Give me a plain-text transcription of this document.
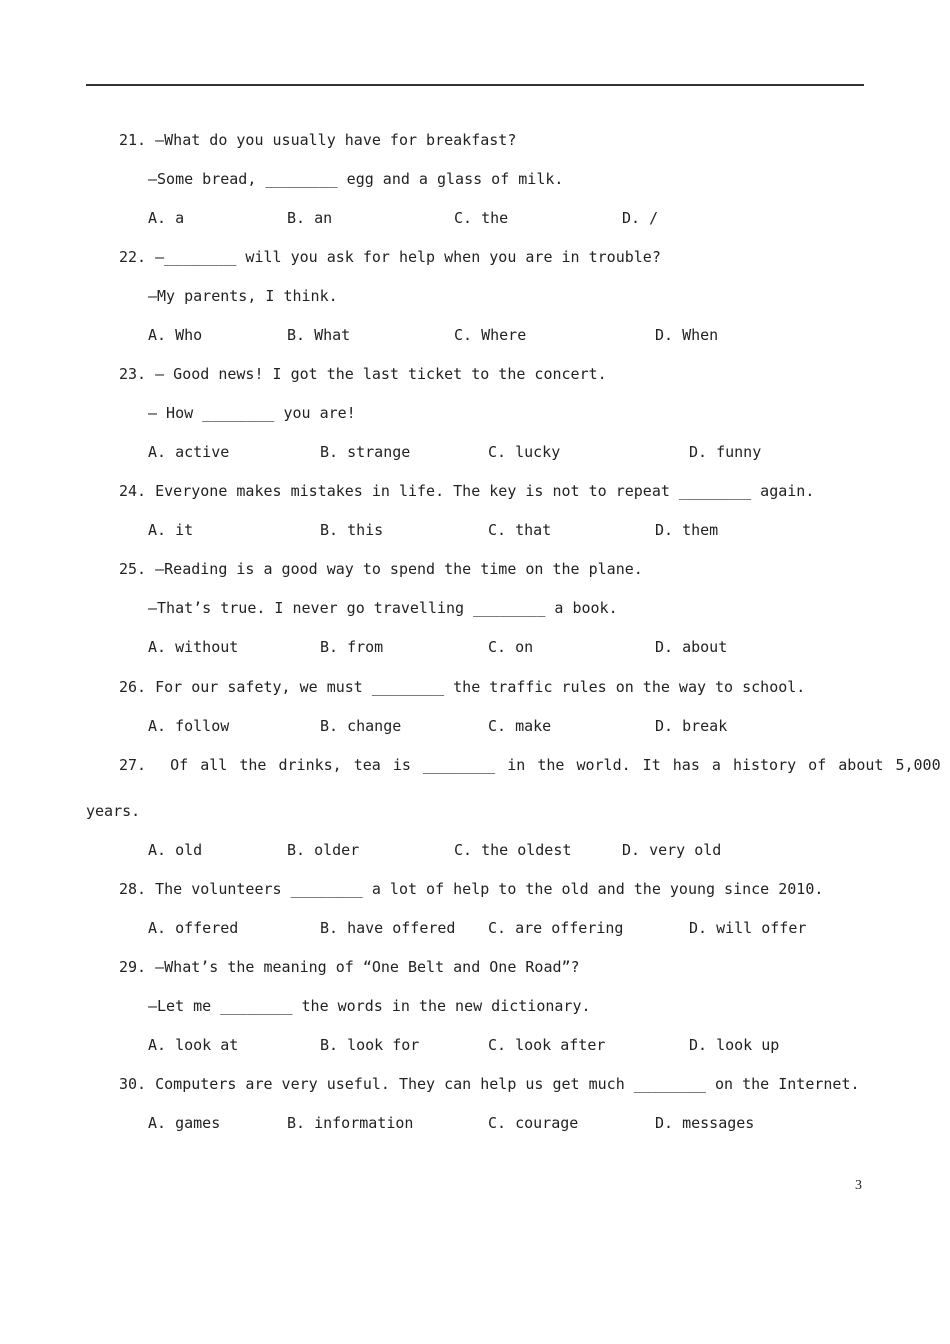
21. —What do you usually have for breakfast?
—Some bread, ________ egg and a glass of milk.
A. a	B. an	C. the	D. /
22. —________ will you ask for help when you are in trouble?
—My parents, I think.
A. Who	B. What	C. Where	D. When
23. — Good news! I got the last ticket to the concert.
— How ________ you are!
A. active	B. strange	C. lucky	D. funny
24. Everyone makes mistakes in life. The key is not to repeat ________ again.
A. it	B. this	C. that	D. them
25. —Reading is a good way to spend the time on the plane.
—That’s true. I never go travelling ________ a book.
A. without	B. from	C. on	D. about
26. For our safety, we must ________ the traffic rules on the way to school.
A. follow	B. change	C. make	D. break
27.  Of all the drinks, tea is ________ in the world. It has a history of about 5,000
years.
A. old	B. older	C. the oldest	D. very old
28. The volunteers ________ a lot of help to the old and the young since 2010.
A. offered	B. have offered C. are offering	D. will offer
29. —What’s the meaning of “One Belt and One Road”?
—Let me ________ the words in the new dictionary.
A. look at	B. look for	C. look after	D. look up
30. Computers are very useful. They can help us get much ________ on the Internet.
A. games	B. information	C. courage	D. messages
3
